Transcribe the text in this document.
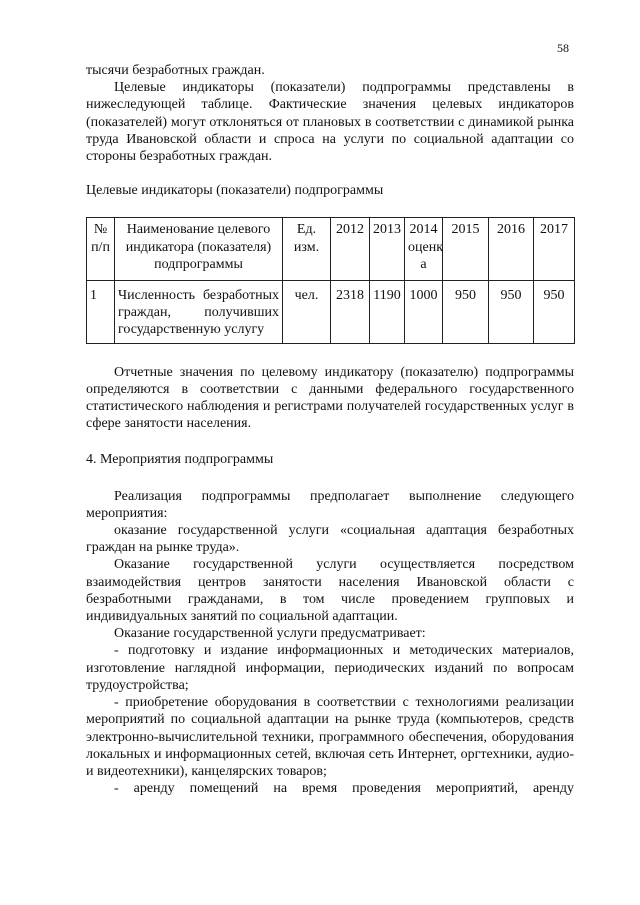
58

тысячи безработных граждан.

Целевые индикаторы (показатели) подпрограммы представлены в нижеследующей таблице. Фактические значения целевых индикаторов (показателей) могут отклоняться от плановых в соответствии с динамикой рынка труда Ивановской области и спроса на услуги по социальной адаптации со стороны безработных граждан.

Целевые индикаторы (показатели) подпрограммы

№ п/п	Наименование целевого индикатора (показателя) подпрограммы	Ед. изм.	2012	2013	2014 оценк а	2015	2016	2017
1	Численность безработных граждан, получивших государственную услугу	чел.	2318	1190	1000	950	950	950

Отчетные значения по целевому индикатору (показателю) подпрограммы определяются в соответствии с данными федерального государственного статистического наблюдения и регистрами получателей государственных услуг в сфере занятости населения.

4. Мероприятия подпрограммы

Реализация подпрограммы предполагает выполнение следующего мероприятия:

оказание государственной услуги «социальная адаптация безработных граждан на рынке труда».

Оказание государственной услуги осуществляется посредством взаимодействия центров занятости населения Ивановской области с безработными гражданами, в том числе проведением групповых и индивидуальных занятий по социальной адаптации.

Оказание государственной услуги предусматривает:

- подготовку и издание информационных и методических материалов, изготовление наглядной информации, периодических изданий по вопросам трудоустройства;

- приобретение оборудования в соответствии с технологиями реализации мероприятий по социальной адаптации на рынке труда (компьютеров, средств электронно-вычислительной техники, программного обеспечения, оборудования локальных и информационных сетей, включая сеть Интернет, оргтехники, аудио- и видеотехники), канцелярских товаров;

- аренду помещений на время проведения мероприятий, аренду
